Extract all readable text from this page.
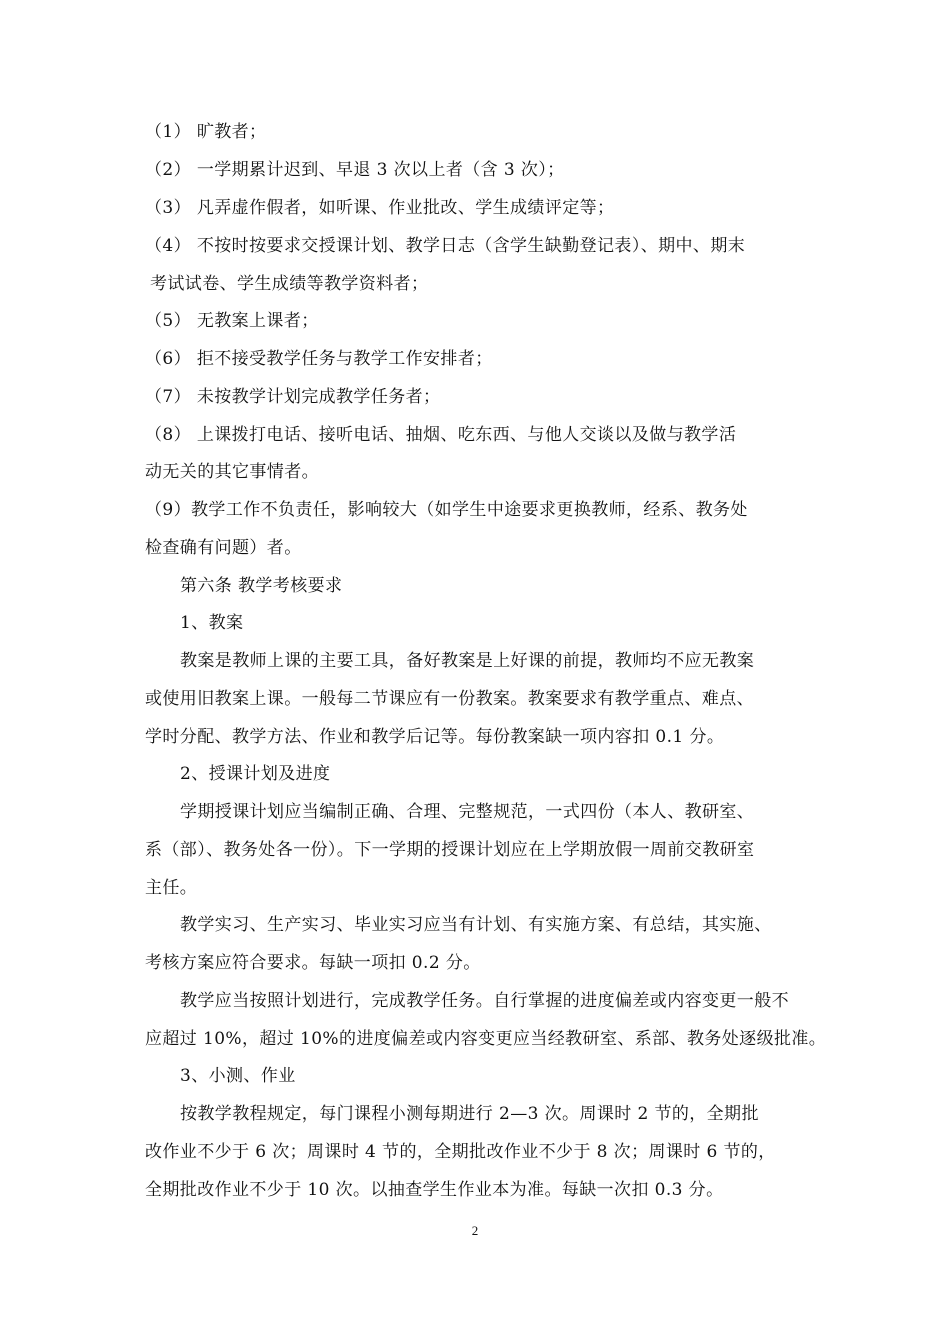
（1） 旷教者；
（2） 一学期累计迟到、早退 3 次以上者（含 3 次）；
（3） 凡弄虚作假者，如听课、作业批改、学生成绩评定等；
（4） 不按时按要求交授课计划、教学日志（含学生缺勤登记表）、期中、期末
考试试卷、学生成绩等教学资料者；
（5） 无教案上课者；
（6） 拒不接受教学任务与教学工作安排者；
（7） 未按教学计划完成教学任务者；
（8） 上课拨打电话、接听电话、抽烟、吃东西、与他人交谈以及做与教学活
动无关的其它事情者。
（9）教学工作不负责任，影响较大（如学生中途要求更换教师，经系、教务处
检查确有问题）者。
第六条 教学考核要求
1、教案
教案是教师上课的主要工具，备好教案是上好课的前提，教师均不应无教案
或使用旧教案上课。一般每二节课应有一份教案。教案要求有教学重点、难点、
学时分配、教学方法、作业和教学后记等。每份教案缺一项内容扣 0.1 分。
2、授课计划及进度
学期授课计划应当编制正确、合理、完整规范，一式四份（本人、教研室、
系（部）、教务处各一份）。下一学期的授课计划应在上学期放假一周前交教研室
主任。
教学实习、生产实习、毕业实习应当有计划、有实施方案、有总结，其实施、
考核方案应符合要求。每缺一项扣 0.2 分。
教学应当按照计划进行，完成教学任务。自行掌握的进度偏差或内容变更一般不
应超过 10%，超过 10%的进度偏差或内容变更应当经教研室、系部、教务处逐级批准。
3、小测、作业
按教学教程规定，每门课程小测每期进行 2—3 次。周课时 2 节的，全期批
改作业不少于 6 次；周课时 4 节的，全期批改作业不少于 8 次；周课时 6 节的，
全期批改作业不少于 10 次。以抽查学生作业本为准。每缺一次扣 0.3 分。
2
